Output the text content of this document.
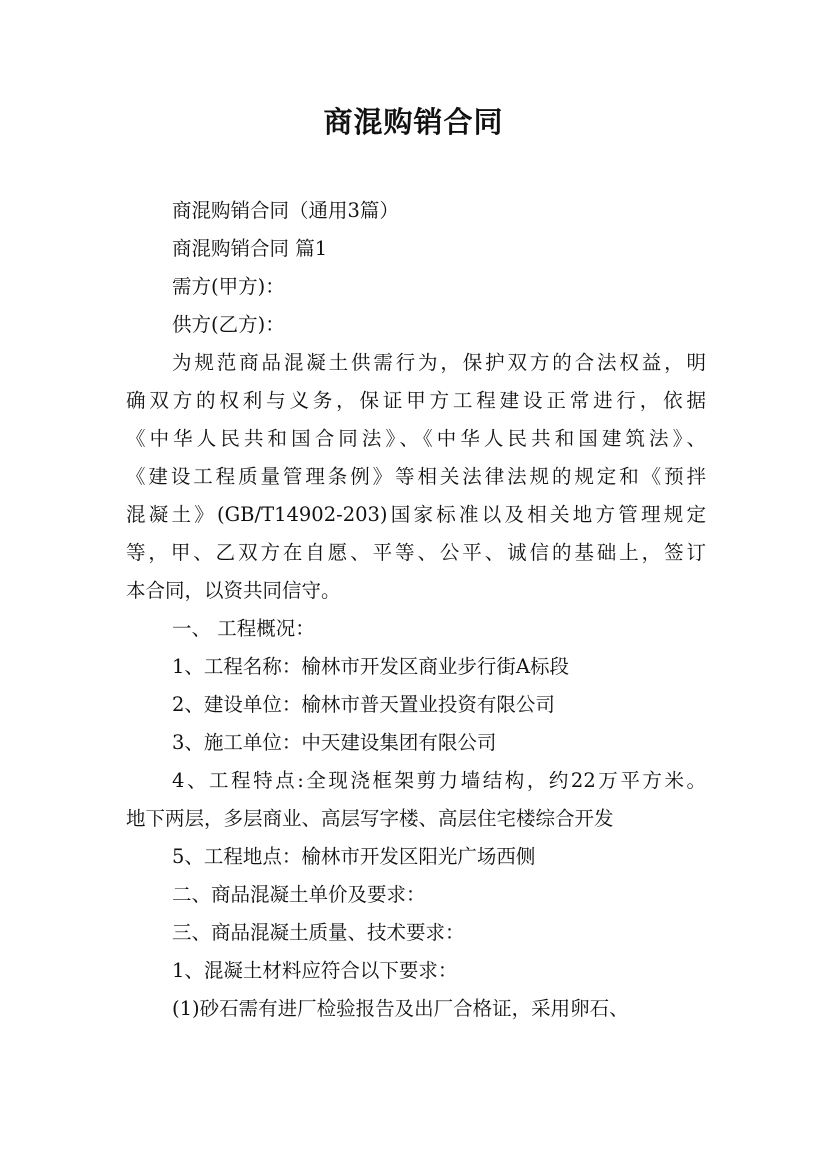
商混购销合同
商混购销合同（通用3篇）
商混购销合同 篇1
需方(甲方)：
供方(乙方)：
为规范商品混凝土供需行为，保护双方的合法权益，明
确双方的权利与义务，保证甲方工程建设正常进行，依据
《中华人民共和国合同法》、《中华人民共和国建筑法》、
《建设工程质量管理条例》等相关法律法规的规定和《预拌
混凝土》(GB/T14902-203)国家标准以及相关地方管理规定
等，甲、乙双方在自愿、平等、公平、诚信的基础上，签订
本合同，以资共同信守。
一、 工程概况：
1、工程名称：榆林市开发区商业步行街A标段
2、建设单位：榆林市普天置业投资有限公司
3、施工单位：中天建设集团有限公司
4、工程特点:全现浇框架剪力墙结构，约22万平方米。
地下两层，多层商业、高层写字楼、高层住宅楼综合开发
5、工程地点：榆林市开发区阳光广场西侧
二、商品混凝土单价及要求：
三、商品混凝土质量、技术要求：
1、混凝土材料应符合以下要求：
(1)砂石需有进厂检验报告及出厂合格证，采用卵石、
